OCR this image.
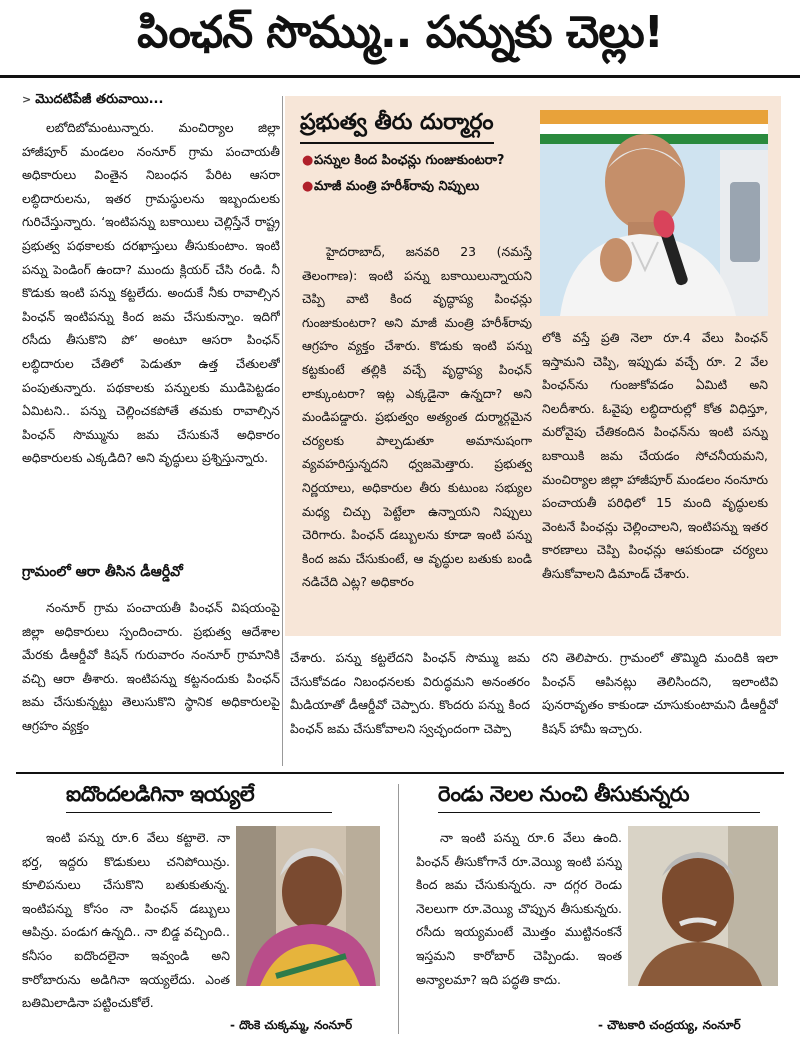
పింఛన్ సొమ్ము.. పన్నుకు చెల్లు!
> మొదటిపేజీ తరువాయి...

లబోదిబోమంటున్నారు. మంచిర్యాల జిల్లా హాజీపూర్ మండలం నంనూర్ గ్రామ పంచాయతీ అధికారులు వింతైన నిబంధన పేరిట ఆసరా లబ్ధిదారులను, ఇతర గ్రామస్థులను ఇబ్బందులకు గురిచేస్తున్నారు. ‘ఇంటిపన్ను బకాయిలు చెల్లిస్తేనే రాష్ట్ర ప్రభుత్వ పథకాలకు దరఖాస్తులు తీసుకుంటాం. ఇంటి పన్ను పెండింగ్ ఉందా? ముందు క్లియర్ చేసి రండి. నీ కొడుకు ఇంటి పన్ను కట్టలేదు. అందుకే నీకు రావాల్సిన పింఛన్ ఇంటిపన్ను కింద జమ చేసుకున్నాం. ఇదిగో రసీదు తీసుకొని పో’ అంటూ ఆసరా పింఛన్ లబ్ధిదారుల చేతిలో పెడుతూ ఉత్త చేతులతో పంపుతున్నారు. పథకాలకు పన్నులకు ముడిపెట్టడం ఏమిటని.. పన్ను చెల్లించకపోతే తమకు రావాల్సిన పింఛన్ సొమ్మును జమ చేసుకునే అధికారం అధికారులకు ఎక్కడిది? అని వృద్ధులు ప్రశ్నిస్తున్నారు.

గ్రామంలో ఆరా తీసిన డీఆర్డీవో

నంనూర్ గ్రామ పంచాయతీ పింఛన్ విషయంపై జిల్లా అధికారులు స్పందించారు. ప్రభుత్వ ఆదేశాల మేరకు డీఆర్డీవో కిషన్ గురువారం నంనూర్ గ్రామానికి వచ్చి ఆరా తీశారు. ఇంటిపన్ను కట్టనందుకు పింఛన్ జమ చేసుకున్నట్టు తెలుసుకొని స్థానిక అధికారులపై ఆగ్రహం వ్యక్తం

ప్రభుత్వ తీరు దుర్మార్గం
● పన్నుల కింద పింఛన్లు గుంజుకుంటరా?
● మాజీ మంత్రి హరీశ్‌రావు నిప్పులు

హైదరాబాద్, జనవరి 23 (నమస్తే తెలంగాణ): ఇంటి పన్ను బకాయిలున్నాయని చెప్పి వాటి కింద వృద్ధాప్య పింఛన్లు గుంజుకుంటరా? అని మాజీ మంత్రి హరీశ్‌రావు ఆగ్రహం వ్యక్తం చేశారు. కొడుకు ఇంటి పన్ను కట్టకుంటే తల్లికి వచ్చే వృద్ధాప్య పింఛన్ లాక్కుంటరా? ఇట్ల ఎక్కడైనా ఉన్నదా? అని మండిపడ్డారు. ప్రభుత్వం అత్యంత దుర్మార్గమైన చర్యలకు పాల్పడుతూ అమానుషంగా వ్యవహరిస్తున్నదని ధ్వజమెత్తారు. ప్రభుత్వ నిర్ణయాలు, అధికారుల తీరు కుటుంబ సభ్యుల మధ్య చిచ్చు పెట్టేలా ఉన్నాయని నిప్పులు చెరిగారు. పింఛన్ డబ్బులను కూడా ఇంటి పన్ను కింద జమ చేసుకుంటే, ఆ వృద్ధుల బతుకు బండి నడిచేది ఎట్ల? అధికారం

లోకి వస్తే ప్రతి నెలా రూ.4 వేలు పింఛన్ ఇస్తామని చెప్పి, ఇప్పుడు వచ్చే రూ. 2 వేల పింఛన్‌ను గుంజుకోవడం ఏమిటి అని నిలదీశారు. ఓవైపు లబ్ధిదారుల్లో కోత విధిస్తూ, మరోవైపు చేతికందిన పింఛన్‌ను ఇంటి పన్ను బకాయికి జమ చేయడం సోచనీయమని, మంచిర్యాల జిల్లా హాజీపూర్ మండలం నంనూరు పంచాయతీ పరిధిలో 15 మంది వృద్ధులకు వెంటనే పింఛన్లు చెల్లించాలని, ఇంటిపన్ను ఇతర కారణాలు చెప్పి పింఛన్లు ఆపకుండా చర్యలు తీసుకోవాలని డిమాండ్ చేశారు.

చేశారు. పన్ను కట్టలేదని పింఛన్ సొమ్ము జమ చేసుకోవడం నిబంధనలకు విరుద్ధమని అనంతరం మీడియాతో డీఆర్డీవో చెప్పారు. కొందరు పన్ను కింద పింఛన్ జమ చేసుకోవాలని స్వచ్ఛందంగా చెప్పా

రని తెలిపారు. గ్రామంలో తొమ్మిది మందికి ఇలా పింఛన్ ఆపినట్లు తెలిసిందని, ఇలాంటివి పునరావృతం కాకుండా చూసుకుంటామని డీఆర్డీవో కిషన్ హామీ ఇచ్చారు.

ఐదొందలడిగినా ఇయ్యలే

ఇంటి పన్ను రూ.6 వేలు కట్టాలె. నా భర్త, ఇద్దరు కొడుకులు చనిపోయిన్రు. కూలిపనులు చేసుకొని బతుకుతున్న. ఇంటిపన్ను కోసం నా పింఛన్ డబ్బులు ఆపిన్రు. పండుగ ఉన్నది.. నా బిడ్డ వచ్చింది.. కనీసం ఐదొందలైనా ఇవ్వండి అని కారోబారును అడిగినా ఇయ్యలేదు. ఎంత బతిమిలాడినా పట్టించుకోలే.

- దొంకె చుక్కమ్మ, నంనూర్
రెండు నెలల నుంచి తీసుకున్నరు

నా ఇంటి పన్ను రూ.6 వేలు ఉంది. పింఛన్ తీసుకోగానే రూ.వెయ్యి ఇంటి పన్ను కింద జమ చేసుకున్నరు. నా దగ్గర రెండు నెలలుగా రూ.వెయ్యి చొప్పున తీసుకున్నరు. రసీదు ఇయ్యమంటే మొత్తం ముట్టినంకనే ఇస్తమని కారోబార్ చెప్పిండు. ఇంత అన్యాలమా? ఇది పద్ధతి కాదు.

- చౌటకారి చంద్రయ్య, నంనూర్
